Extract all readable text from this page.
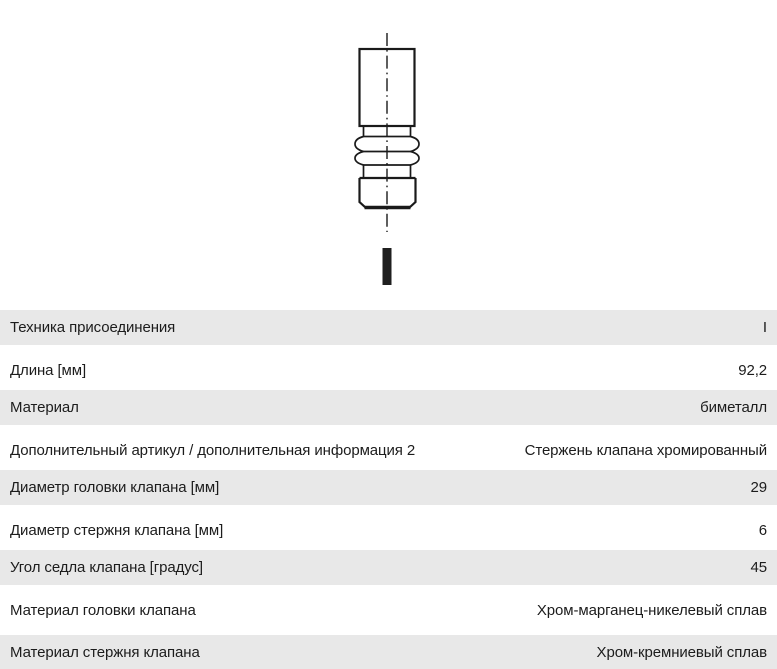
Техника присоединения	I
Длина [мм]	92,2
Материал	биметалл
Дополнительный артикул / дополнительная информация 2	Стержень клапана хромированный
Диаметр головки клапана [мм]	29
Диаметр стержня клапана [мм]	6
Угол седла клапана [градус]	45
Материал головки клапана	Хром-марганец-никелевый сплав
Материал стержня клапана	Хром-кремниевый сплав
